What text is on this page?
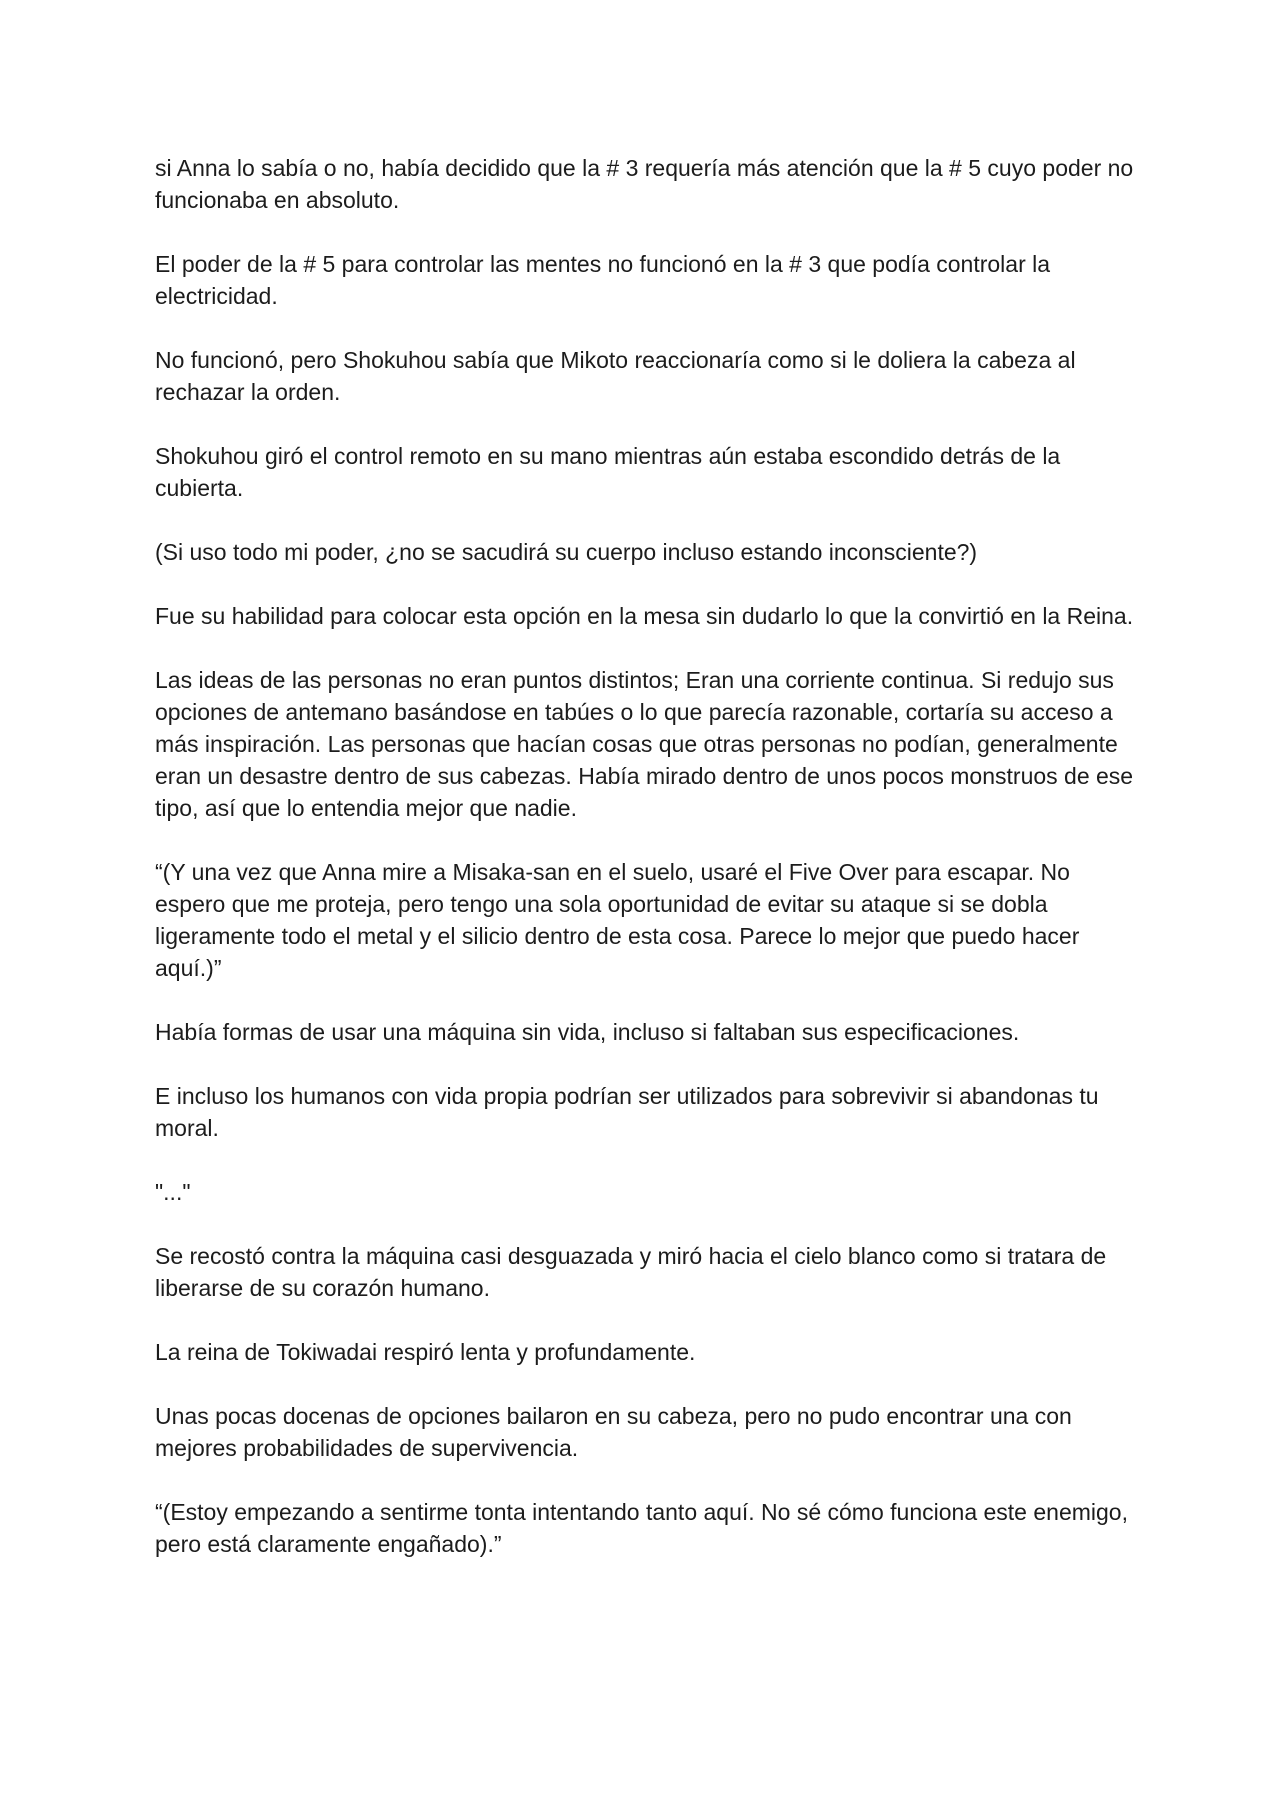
si Anna lo sabía o no, había decidido que la # 3 requería más atención que la # 5 cuyo poder no funcionaba en absoluto.

El poder de la # 5 para controlar las mentes no funcionó en la # 3 que podía controlar la electricidad.

No funcionó, pero Shokuhou sabía que Mikoto reaccionaría como si le doliera la cabeza al rechazar la orden.

Shokuhou giró el control remoto en su mano mientras aún estaba escondido detrás de la cubierta.

(Si uso todo mi poder, ¿no se sacudirá su cuerpo incluso estando inconsciente?)

Fue su habilidad para colocar esta opción en la mesa sin dudarlo lo que la convirtió en la Reina.

Las ideas de las personas no eran puntos distintos; Eran una corriente continua. Si redujo sus opciones de antemano basándose en tabúes o lo que parecía razonable, cortaría su acceso a más inspiración. Las personas que hacían cosas que otras personas no podían, generalmente eran un desastre dentro de sus cabezas. Había mirado dentro de unos pocos monstruos de ese tipo, así que lo entendia mejor que nadie.

“(Y una vez que Anna mire a Misaka-san en el suelo, usaré el Five Over para escapar. No espero que me proteja, pero tengo una sola oportunidad de evitar su ataque si se dobla ligeramente todo el metal y el silicio dentro de esta cosa. Parece lo mejor que puedo hacer aquí.)”

Había formas de usar una máquina sin vida, incluso si faltaban sus especificaciones.

E incluso los humanos con vida propia podrían ser utilizados para sobrevivir si abandonas tu moral.

"..."

Se recostó contra la máquina casi desguazada y miró hacia el cielo blanco como si tratara de liberarse de su corazón humano.

La reina de Tokiwadai respiró lenta y profundamente.

Unas pocas docenas de opciones bailaron en su cabeza, pero no pudo encontrar una con mejores probabilidades de supervivencia.

“(Estoy empezando a sentirme tonta intentando tanto aquí. No sé cómo funciona este enemigo, pero está claramente engañado).”
